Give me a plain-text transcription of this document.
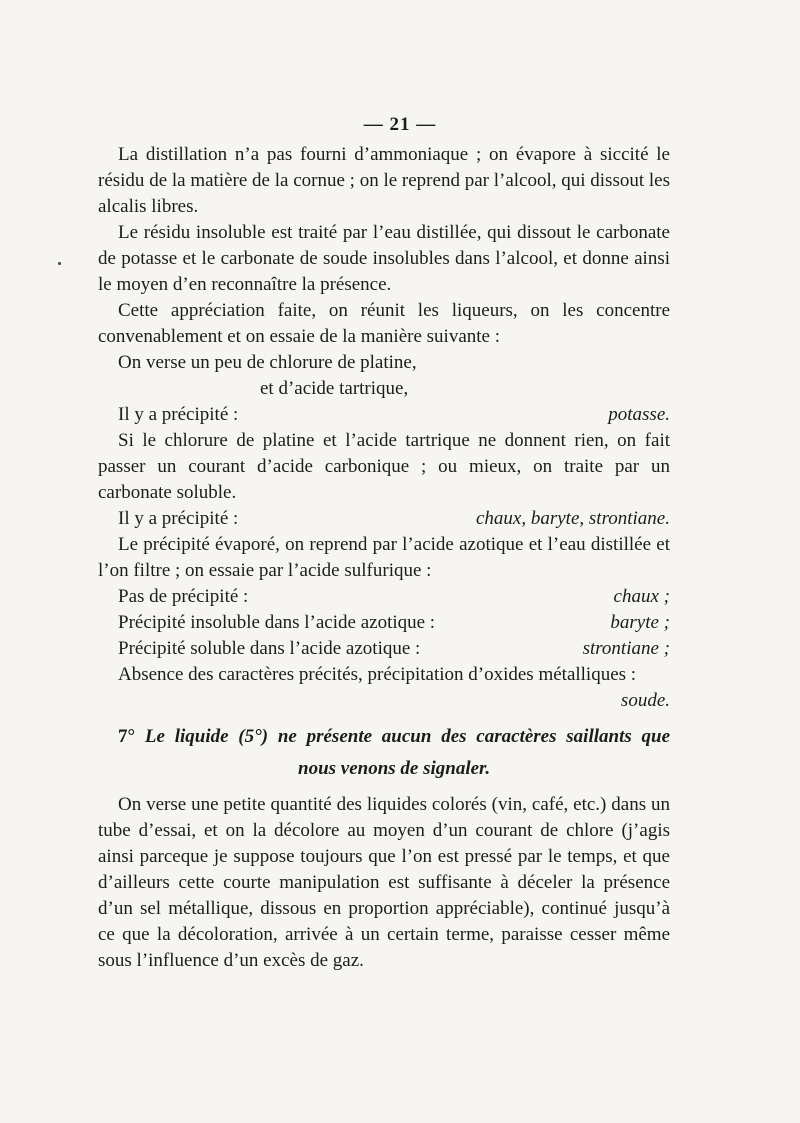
— 21 —

La distillation n’a pas fourni d’ammoniaque ; on évapore à siccité le résidu de la matière de la cornue ; on le reprend par l’alcool, qui dissout les alcalis libres.

Le résidu insoluble est traité par l’eau distillée, qui dissout le carbonate de potasse et le carbonate de soude insolubles dans l’alcool, et donne ainsi le moyen d’en reconnaître la présence.

Cette appréciation faite, on réunit les liqueurs, on les concentre convenablement et on essaie de la manière suivante :

On verse un peu de chlorure de platine,

et d’acide tartrique,

Il y a précipité :	potasse.

Si le chlorure de platine et l’acide tartrique ne donnent rien, on fait passer un courant d’acide carbonique ; ou mieux, on traite par un carbonate soluble.

Il y a précipité :	chaux, baryte, strontiane.

Le précipité évaporé, on reprend par l’acide azotique et l’eau distillée et l’on filtre ; on essaie par l’acide sulfurique :

Pas de précipité :	chaux ;
Précipité insoluble dans l’acide azotique :	baryte ;
Précipité soluble dans l’acide azotique :	strontiane ;

Absence des caractères précités, précipitation d’oxides métalliques :

soude.
7° Le liquide (5°) ne présente aucun des caractères saillants que
nous venons de signaler.

On verse une petite quantité des liquides colorés (vin, café, etc.) dans un tube d’essai, et on la décolore au moyen d’un courant de chlore (j’agis ainsi parceque je suppose toujours que l’on est pressé par le temps, et que d’ailleurs cette courte manipulation est suffisante à déceler la présence d’un sel métallique, dissous en proportion appréciable), continué jusqu’à ce que la décoloration, arrivée à un certain terme, paraisse cesser même sous l’influence d’un excès de gaz.
